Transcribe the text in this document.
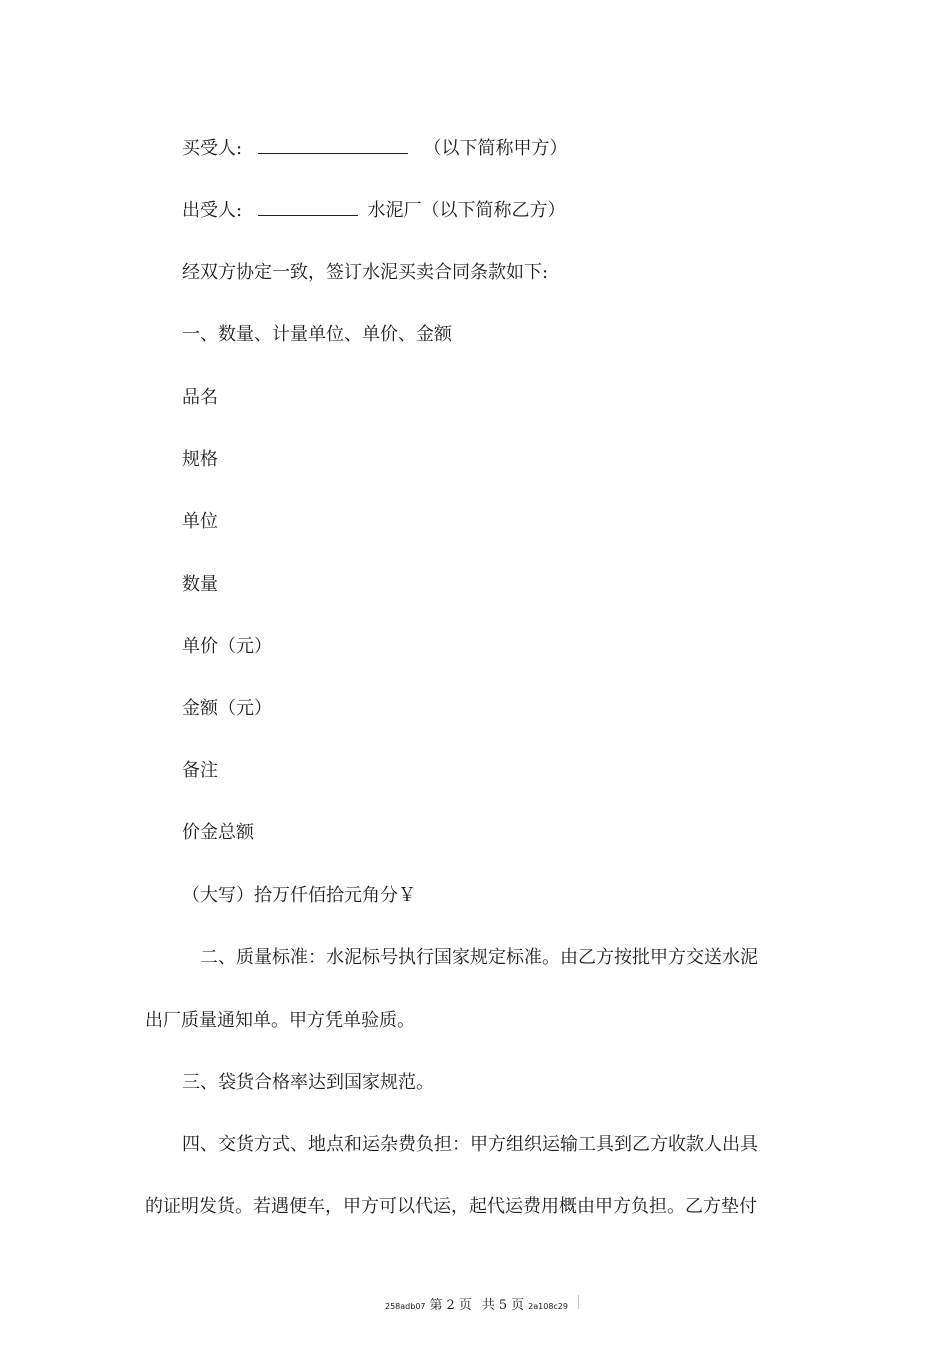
买受人:	（以下简称甲方）
出受人:	水泥厂（以下简称乙方）
经双方协定一致，签订水泥买卖合同条款如下:
一、数量、计量单位、单价、金额
品名
规格
单位
数量
单价（元）
金额（元）
备注
价金总额
（大写）拾万仟佰拾元角分￥
二、质量标准：水泥标号执行国家规定标准。由乙方按批甲方交送水泥
出厂质量通知单。甲方凭单验质。
三、袋货合格率达到国家规范。
四、交货方式、地点和运杂费负担：甲方组织运输工具到乙方收款人出具
的证明发货。若遇便车，甲方可以代运，起代运费用概由甲方负担。乙方垫付
258adb07 第 2 页 共 5 页 2a108c29
